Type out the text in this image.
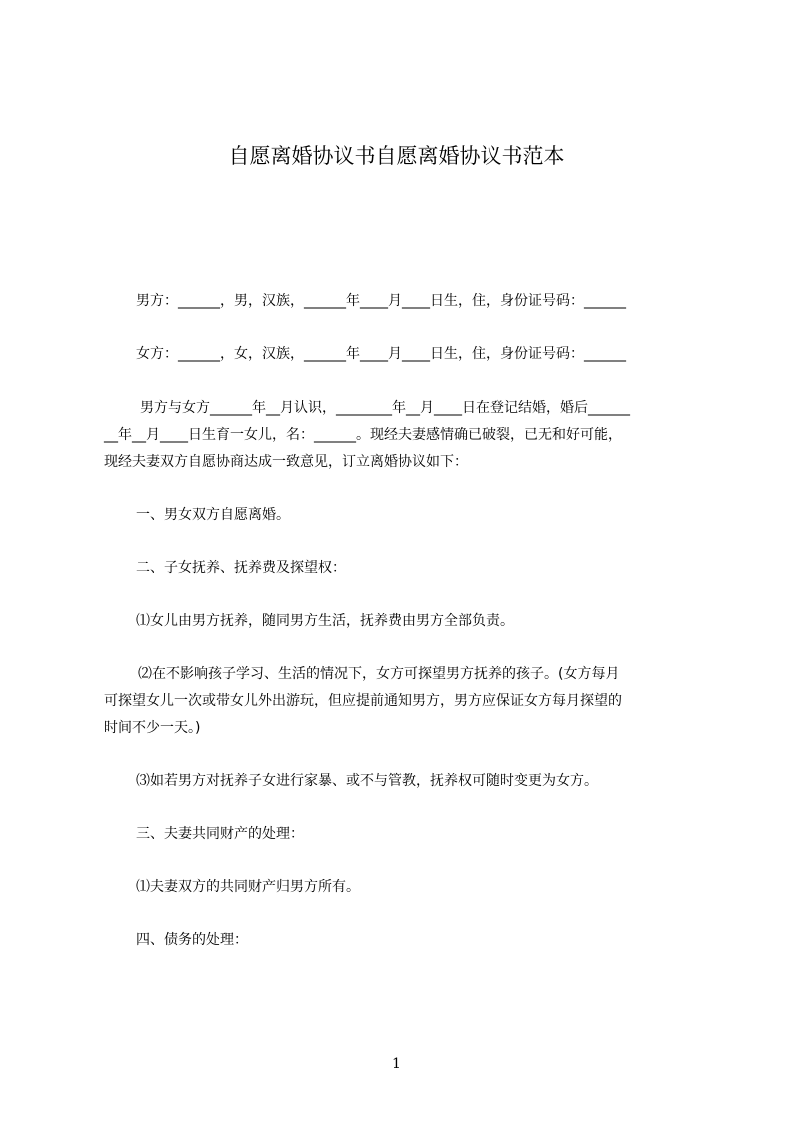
自愿离婚协议书自愿离婚协议书范本

男方：______，男，汉族，______年____月____日生，住，身份证号码：______

女方：______，女，汉族，______年____月____日生，住，身份证号码：______

男方与女方______年__月认识，________年__月____日在登记结婚，婚后______

__年__月____日生育一女儿，名：______。现经夫妻感情确已破裂，已无和好可能，

现经夫妻双方自愿协商达成一致意见，订立离婚协议如下：

一、男女双方自愿离婚。

二、子女抚养、抚养费及探望权：

⑴女儿由男方抚养，随同男方生活，抚养费由男方全部负责。

⑵在不影响孩子学习、生活的情况下，女方可探望男方抚养的孩子。(女方每月

可探望女儿一次或带女儿外出游玩，但应提前通知男方，男方应保证女方每月探望的

时间不少一天。)

⑶如若男方对抚养子女进行家暴、或不与管教，抚养权可随时变更为女方。

三、夫妻共同财产的处理：

⑴夫妻双方的共同财产归男方所有。

四、债务的处理：

1
